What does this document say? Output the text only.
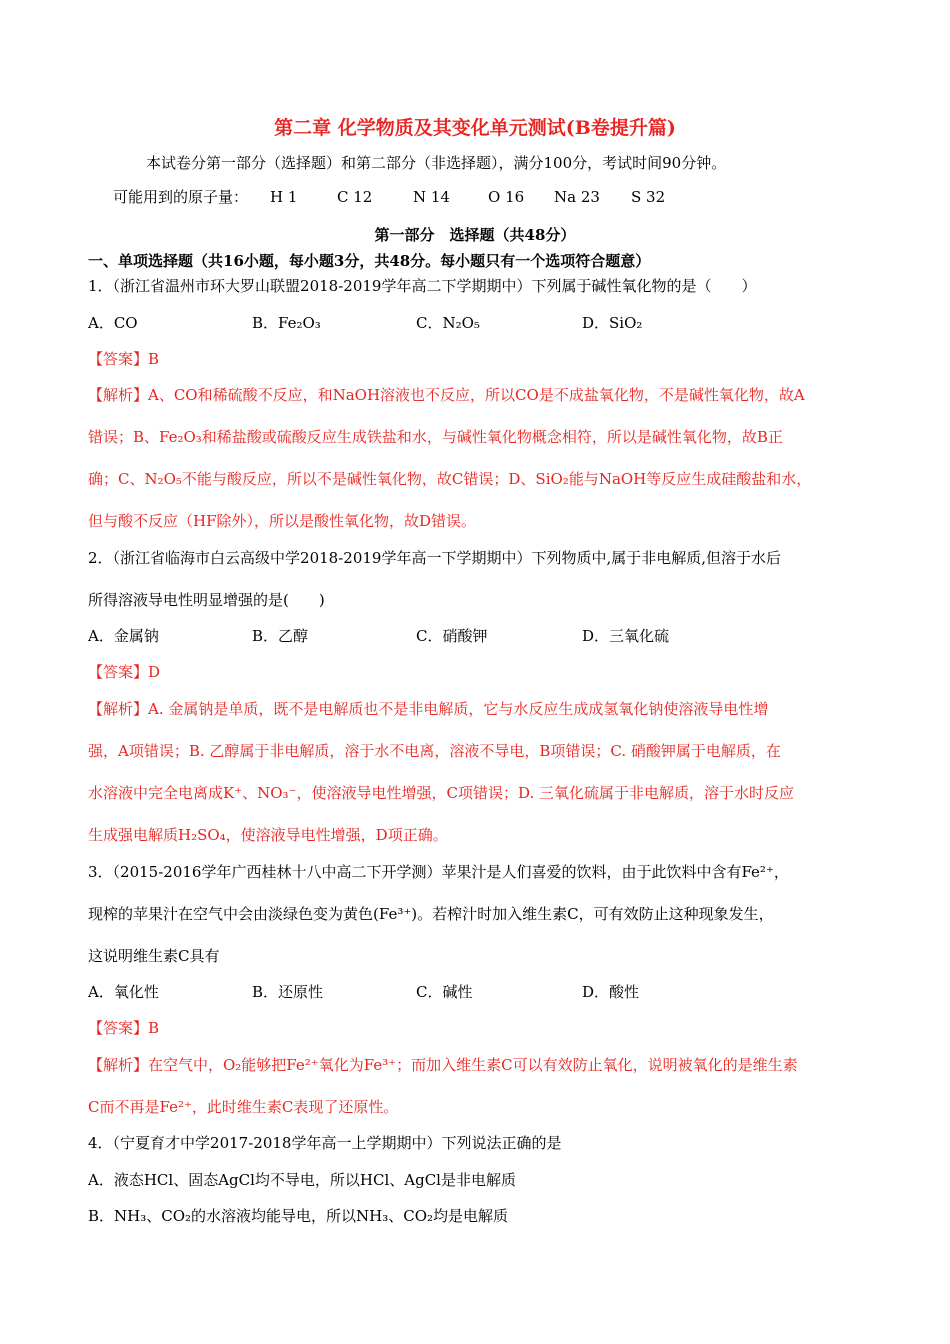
第二章 化学物质及其变化单元测试(B卷提升篇)
本试卷分第一部分（选择题）和第二部分（非选择题），满分100分，考试时间90分钟。
可能用到的原子量： H 1	C 12	N 14	O 16 Na 23 S 32
第一部分　选择题（共48分）
一、单项选择题（共16小题，每小题3分，共48分。每小题只有一个选项符合题意）
1．（浙江省温州市环大罗山联盟2018-2019学年高二下学期期中）下列属于碱性氧化物的是（　　）
A．CO	B．Fe₂O₃	C．N₂O₅	D．SiO₂
【答案】B
【解析】A、CO和稀硫酸不反应，和NaOH溶液也不反应，所以CO是不成盐氧化物，不是碱性氧化物，故A
错误；B、Fe₂O₃和稀盐酸或硫酸反应生成铁盐和水，与碱性氧化物概念相符，所以是碱性氧化物，故B正
确；C、N₂O₅不能与酸反应，所以不是碱性氧化物，故C错误；D、SiO₂能与NaOH等反应生成硅酸盐和水，
但与酸不反应（HF除外），所以是酸性氧化物，故D错误。
2．（浙江省临海市白云高级中学2018-2019学年高一下学期期中）下列物质中,属于非电解质,但溶于水后
所得溶液导电性明显增强的是(　　)
A．金属钠	B．乙醇	C．硝酸钾	D．三氧化硫
【答案】D
【解析】A. 金属钠是单质，既不是电解质也不是非电解质，它与水反应生成成氢氧化钠使溶液导电性增
强，A项错误；B. 乙醇属于非电解质，溶于水不电离，溶液不导电，B项错误；C. 硝酸钾属于电解质，在
水溶液中完全电离成K⁺、NO₃⁻，使溶液导电性增强，C项错误；D. 三氧化硫属于非电解质，溶于水时反应
生成强电解质H₂SO₄，使溶液导电性增强，D项正确。
3．（2015-2016学年广西桂林十八中高二下开学测）苹果汁是人们喜爱的饮料，由于此饮料中含有Fe²⁺，
现榨的苹果汁在空气中会由淡绿色变为黄色(Fe³⁺)。若榨汁时加入维生素C，可有效防止这种现象发生，
这说明维生素C具有
A．氧化性	B．还原性	C．碱性	D．酸性
【答案】B
【解析】在空气中，O₂能够把Fe²⁺氧化为Fe³⁺；而加入维生素C可以有效防止氧化，说明被氧化的是维生素
C而不再是Fe²⁺，此时维生素C表现了还原性。
4．（宁夏育才中学2017-2018学年高一上学期期中）下列说法正确的是
A．液态HCl、固态AgCl均不导电，所以HCl、AgCl是非电解质
B．NH₃、CO₂的水溶液均能导电，所以NH₃、CO₂均是电解质
